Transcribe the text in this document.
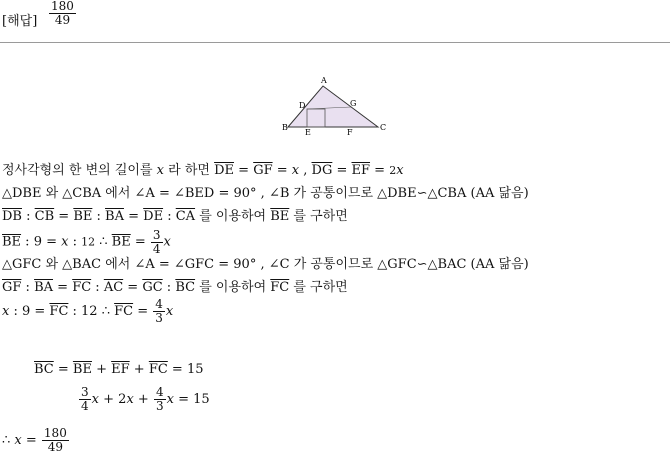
[해답] $\frac{180}{49}$
A
B	C
D
E	F
G
정사각형의 한 변의 길이를 x 라 하면 $\overline{DE} = \overline{GF} = x$ , $\overline{DG} = \overline{EF} = 2x$
△DBE 와 △CBA 에서 ∠A = ∠BED = 90° , ∠B 가 공통이므로 △DBE∽△CBA (AA 닮음)
$\overline{DB}$ : $\overline{CB} = \overline{BE}$ : $\overline{BA} = \overline{DE}$ : $\overline{CA}$ 를 이용하여 $\overline{BE}$ 를 구하면
$\overline{BE}$ : 9 = x : 12 ∴ $\overline{BE} = \frac{3}{4}$ x
△GFC 와 △BAC 에서 ∠A = ∠GFC = 90° , ∠C 가 공통이므로 △GFC∽△BAC (AA 닮음)
$\overline{GF}$ : $\overline{BA} = \overline{FC}$ : $\overline{AC} = \overline{GC}$ : $\overline{BC}$ 를 이용하여 $\overline{FC}$ 를 구하면
x : $9 = \overline{FC}$ : 12 ∴ $\overline{FC} = \frac{4}{3}$ x
$\overline{BC} = \overline{BE} + \overline{EF} + \overline{FC} = 15$
$\frac{3}{4}$ $x + 2x + \frac{4}{3}$ x = 15
∴ $x = \frac{180}{49}$
